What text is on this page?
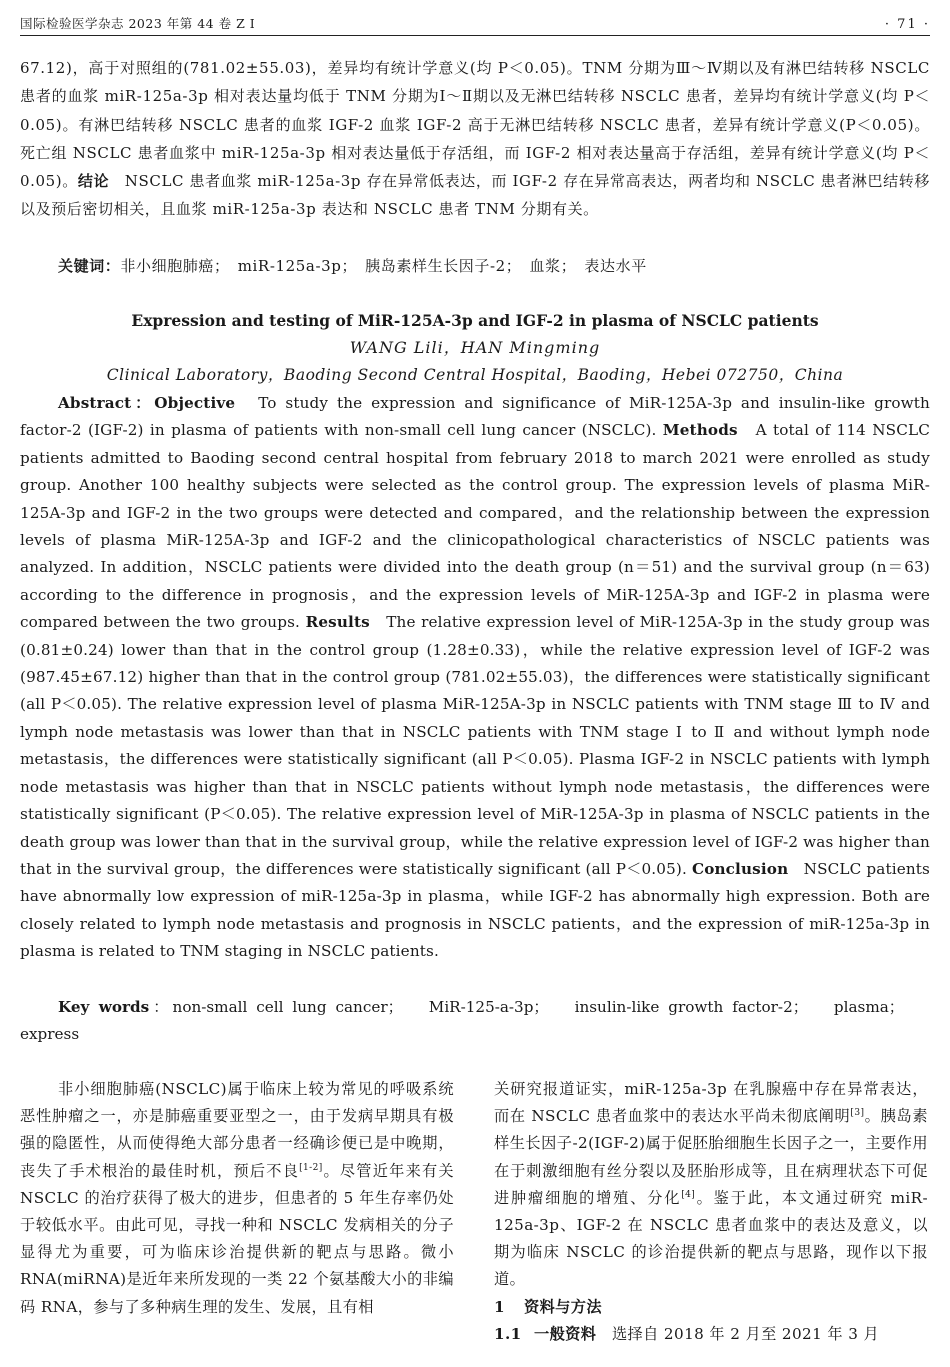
国际检验医学杂志 2023 年第 44 卷 Z I	· 71 ·

67.12)，高于对照组的(781.02±55.03)，差异均有统计学意义(均 P＜0.05)。TNM 分期为Ⅲ～Ⅳ期以及有淋巴结转移 NSCLC 患者的血浆 miR-125a-3p 相对表达量均低于 TNM 分期为Ⅰ～Ⅱ期以及无淋巴结转移 NSCLC 患者，差异均有统计学意义(均 P＜0.05)。有淋巴结转移 NSCLC 患者的血浆 IGF-2 血浆 IGF-2 高于无淋巴结转移 NSCLC 患者，差异有统计学意义(P＜0.05)。死亡组 NSCLC 患者血浆中 miR-125a-3p 相对表达量低于存活组，而 IGF-2 相对表达量高于存活组，差异有统计学意义(均 P＜0.05)。结论　NSCLC 患者血浆 miR-125a-3p 存在异常低表达，而 IGF-2 存在异常高表达，两者均和 NSCLC 患者淋巴结转移以及预后密切相关，且血浆 miR-125a-3p 表达和 NSCLC 患者 TNM 分期有关。

关键词：非小细胞肺癌；　miR-125a-3p；　胰岛素样生长因子-2；　血浆；　表达水平

Expression and testing of MiR-125A-3p and IGF-2 in plasma of NSCLC patients
WANG Lili，HAN Mingming
Clinical Laboratory，Baoding Second Central Hospital，Baoding，Hebei 072750，China

Abstract：Objective　To study the expression and significance of MiR-125A-3p and insulin-like growth factor-2 (IGF-2) in plasma of patients with non-small cell lung cancer (NSCLC). Methods　A total of 114 NSCLC patients admitted to Baoding second central hospital from february 2018 to march 2021 were enrolled as study group. Another 100 healthy subjects were selected as the control group. The expression levels of plasma MiR-125A-3p and IGF-2 in the two groups were detected and compared，and the relationship between the expression levels of plasma MiR-125A-3p and IGF-2 and the clinicopathological characteristics of NSCLC patients was analyzed. In addition，NSCLC patients were divided into the death group (n＝51) and the survival group (n＝63) according to the difference in prognosis，and the expression levels of MiR-125A-3p and IGF-2 in plasma were compared between the two groups. Results　The relative expression level of MiR-125A-3p in the study group was (0.81±0.24) lower than that in the control group (1.28±0.33)，while the relative expression level of IGF-2 was (987.45±67.12) higher than that in the control group (781.02±55.03)，the differences were statistically significant (all P＜0.05). The relative expression level of plasma MiR-125A-3p in NSCLC patients with TNM stage Ⅲ to Ⅳ and lymph node metastasis was lower than that in NSCLC patients with TNM stage Ⅰ to Ⅱ and without lymph node metastasis，the differences were statistically significant (all P＜0.05). Plasma IGF-2 in NSCLC patients with lymph node metastasis was higher than that in NSCLC patients without lymph node metastasis，the differences were statistically significant (P＜0.05). The relative expression level of MiR-125A-3p in plasma of NSCLC patients in the death group was lower than that in the survival group，while the relative expression level of IGF-2 was higher than that in the survival group，the differences were statistically significant (all P＜0.05). Conclusion　NSCLC patients have abnormally low expression of miR-125a-3p in plasma，while IGF-2 has abnormally high expression. Both are closely related to lymph node metastasis and prognosis in NSCLC patients，and the expression of miR-125a-3p in plasma is related to TNM staging in NSCLC patients.

Key words：non-small cell lung cancer； MiR-125-a-3p； insulin-like growth factor-2； plasma；express

非小细胞肺癌(NSCLC)属于临床上较为常见的呼吸系统恶性肿瘤之一，亦是肺癌重要亚型之一，由于发病早期具有极强的隐匿性，从而使得绝大部分患者一经确诊便已是中晚期，丧失了手术根治的最佳时机，预后不良[1-2]。尽管近年来有关 NSCLC 的治疗获得了极大的进步，但患者的 5 年生存率仍处于较低水平。由此可见，寻找一种和 NSCLC 发病相关的分子显得尤为重要，可为临床诊治提供新的靶点与思路。微小 RNA(miRNA)是近年来所发现的一类 22 个氨基酸大小的非编码 RNA，参与了多种病生理的发生、发展，且有相

关研究报道证实，miR-125a-3p 在乳腺癌中存在异常表达，而在 NSCLC 患者血浆中的表达水平尚未彻底阐明[3]。胰岛素样生长因子-2(IGF-2)属于促胚胎细胞生长因子之一，主要作用在于刺激细胞有丝分裂以及胚胎形成等，且在病理状态下可促进肿瘤细胞的增殖、分化[4]。鉴于此，本文通过研究 miR-125a-3p、IGF-2 在 NSCLC 患者血浆中的表达及意义，以期为临床 NSCLC 的诊治提供新的靶点与思路，现作以下报道。

1 资料与方法

1.1 一般资料　选择自 2018 年 2 月至 2021 年 3 月
